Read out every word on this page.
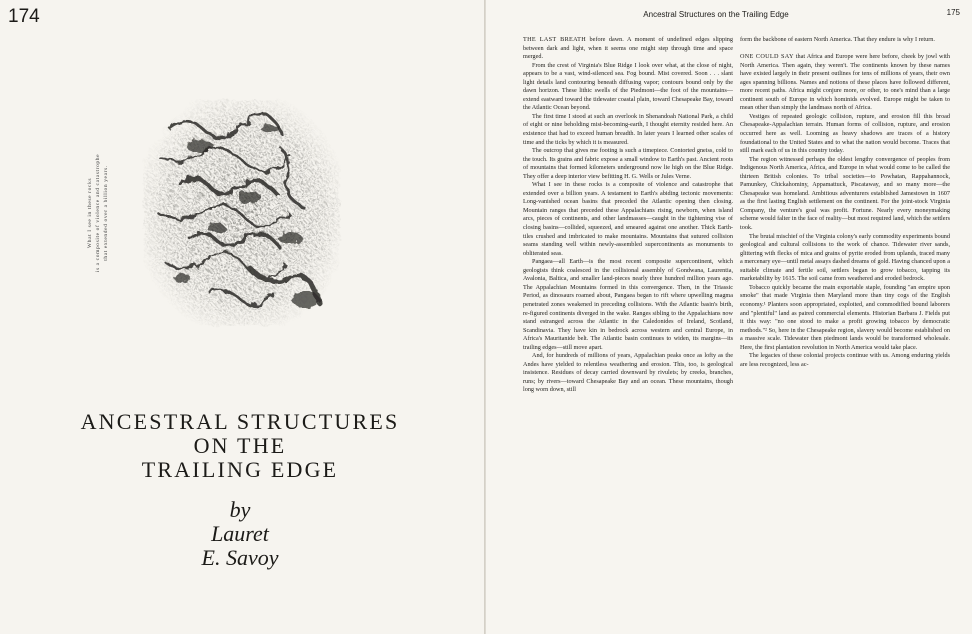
174
What I see in these rocks is a composite of violence and catastrophe that extended over a billion years.
ANCESTRAL STRUCTURES
ON THE
TRAILING EDGE
by
Lauret
E. Savoy
Ancestral Structures on the Trailing Edge	175

THE LAST BREATH before dawn. A moment of undefined edges slipping between dark and light, when it seems one might step through time and space merged.

From the crest of Virginia's Blue Ridge I look over what, at the close of night, appears to be a vast, wind-silenced sea. Fog bound. Mist covered. Soon . . . slant light details land contouring beneath diffusing vapor; contours bound only by the dawn horizon. These lithic swells of the Piedmont—the foot of the mountains—extend eastward toward the tidewater coastal plain, toward Chesapeake Bay, toward the Atlantic Ocean beyond.

The first time I stood at such an overlook in Shenandoah National Park, a child of eight or nine beholding mist-becoming-earth, I thought eternity resided here. An existence that had to exceed human breadth. In later years I learned other scales of time and the ticks by which it is measured.

The outcrop that gives me footing is such a timepiece. Contorted gneiss, cold to the touch. Its grains and fabric expose a small window to Earth's past. Ancient roots of mountains that formed kilometers underground now lie high on the Blue Ridge. They offer a deep interior view befitting H. G. Wells or Jules Verne.

What I see in these rocks is a composite of violence and catastrophe that extended over a billion years. A testament to Earth's abiding tectonic movements: Long-vanished ocean basins that preceded the Atlantic opening then closing. Mountain ranges that preceded these Appalachians rising, newborn, when island arcs, pieces of continents, and other landmasses—caught in the tightening vise of closing basins—collided, squeezed, and smeared against one another. Thick Earth-tiles crushed and imbricated to make mountains. Mountains that sutured collision seams standing well within newly-assembled supercontinents as monuments to obliterated seas.

Pangaea—all Earth—is the most recent composite supercontinent, which geologists think coalesced in the collisional assembly of Gondwana, Laurentia, Avalonia, Baltica, and smaller land-pieces nearly three hundred million years ago. The Appalachian Mountains formed in this convergence. Then, in the Triassic Period, as dinosaurs roamed about, Pangaea began to rift where upwelling magma penetrated zones weakened in preceding collisions. With the Atlantic basin's birth, re-figured continents diverged in the wake. Ranges sibling to the Appalachians now stand estranged across the Atlantic in the Caledonides of Ireland, Scotland, Scandinavia. They have kin in bedrock across western and central Europe, in Africa's Mauritanide belt. The Atlantic basin continues to widen, its margins—its trailing edges—still move apart.

And, for hundreds of millions of years, Appalachian peaks once as lofty as the Andes have yielded to relentless weathering and erosion. This, too, is geological insistence. Residues of decay carried downward by rivulets; by creeks, branches, runs; by rivers—toward Chesapeake Bay and an ocean. These mountains, though long worn down, still

form the backbone of eastern North America. That they endure is why I return.

ONE COULD SAY that Africa and Europe were here before, cheek by jowl with North America. Then again, they weren't. The continents known by these names have existed largely in their present outlines for tens of millions of years, their own ages spanning billions. Names and notions of these places have followed different, more recent paths. Africa might conjure more, or other, to one's mind than a large continent south of Europe in which hominids evolved. Europe might be taken to mean other than simply the landmass north of Africa.

Vestiges of repeated geologic collision, rupture, and erosion fill this broad Chesapeake-Appalachian terrain. Human forms of collision, rupture, and erosion occurred here as well. Looming as heavy shadows are traces of a history foundational to the United States and to what the nation would become. Traces that still mark each of us in this country today.

The region witnessed perhaps the oldest lengthy convergence of peoples from Indigenous North America, Africa, and Europe in what would come to be called the thirteen British colonies. To tribal societies—to Powhatan, Rappahannock, Pamunkey, Chickahominy, Appamattuck, Piscataway, and so many more—the Chesapeake was homeland. Ambitious adventurers established Jamestown in 1607 as the first lasting English settlement on the continent. For the joint-stock Virginia Company, the venture's goal was profit. Fortune. Nearly every moneymaking scheme would falter in the face of reality—but most required land, which the settlers took.

The brutal mischief of the Virginia colony's early commodity experiments bound geological and cultural collisions to the work of chance. Tidewater river sands, glittering with flecks of mica and grains of pyrite eroded from uplands, traced many a mercenary eye—until metal assays dashed dreams of gold. Having chanced upon a suitable climate and fertile soil, settlers began to grow tobacco, tapping its marketability by 1615. The soil came from weathered and eroded bedrock.

Tobacco quickly became the main exportable staple, founding "an empire upon smoke" that made Virginia then Maryland more than tiny cogs of the English economy.¹ Planters soon appropriated, exploited, and commodified bound laborers and "plentiful" land as paired commercial elements. Historian Barbara J. Fields put it this way: "no one stood to make a profit growing tobacco by democratic methods."² So, here in the Chesapeake region, slavery would become established on a massive scale. Tidewater then piedmont lands would be transformed wholesale. Here, the first plantation revolution in North America would take place.

The legacies of these colonial projects continue with us. Among enduring yields are less recognized, less ac-
